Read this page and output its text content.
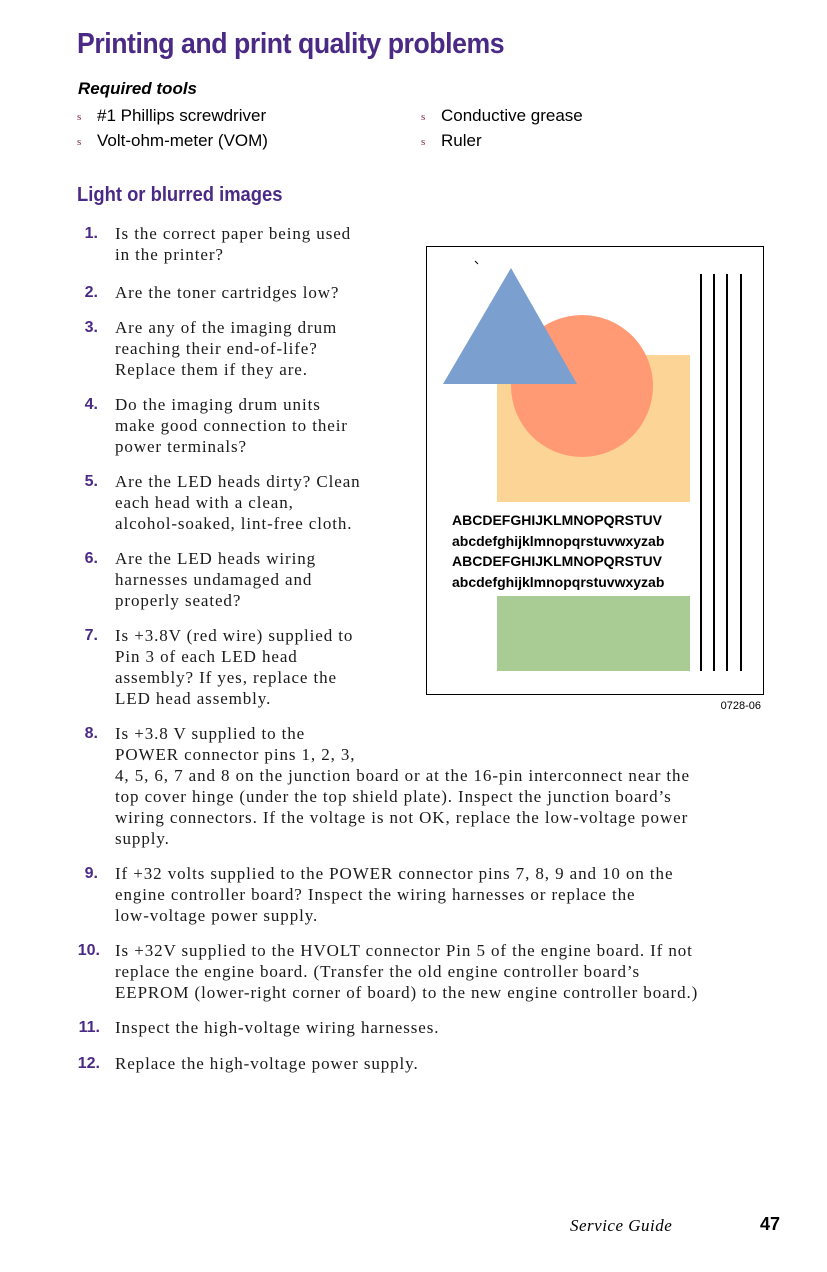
Printing and print quality problems
Required tools
s #1 Phillips screwdriver
s Volt-ohm-meter (VOM)
s Conductive grease
s Ruler
Light or blurred images
1. Is the correct paper being used
in the printer?
2. Are the toner cartridges low?
3. Are any of the imaging drum
reaching their end-of-life?
Replace them if they are.
4. Do the imaging drum units
make good connection to their
power terminals?
5. Are the LED heads dirty? Clean
each head with a clean,
alcohol-soaked, lint-free cloth.
6. Are the LED heads wiring
harnesses undamaged and
properly seated?
7. Is +3.8V (red wire) supplied to
Pin 3 of each LED head
assembly? If yes, replace the
LED head assembly.
8. Is +3.8 V supplied to the
POWER connector pins 1, 2, 3,
4, 5, 6, 7 and 8 on the junction board or at the 16-pin interconnect near the
top cover hinge (under the top shield plate). Inspect the junction board’s
wiring connectors. If the voltage is not OK, replace the low-voltage power
supply.
9. If +32 volts supplied to the POWER connector pins 7, 8, 9 and 10 on the
engine controller board? Inspect the wiring harnesses or replace the
low-voltage power supply.
10. Is +32V supplied to the HVOLT connector Pin 5 of the engine board. If not
replace the engine board. (Transfer the old engine controller board’s
EEPROM (lower-right corner of board) to the new engine controller board.)
11. Inspect the high-voltage wiring harnesses.
12. Replace the high-voltage power supply.
ABCDEFGHIJKLMNOPQRSTUV
abcdefghijklmnopqrstuvwxyzab
ABCDEFGHIJKLMNOPQRSTUV
abcdefghijklmnopqrstuvwxyzab
0728-06
Service Guide	47
